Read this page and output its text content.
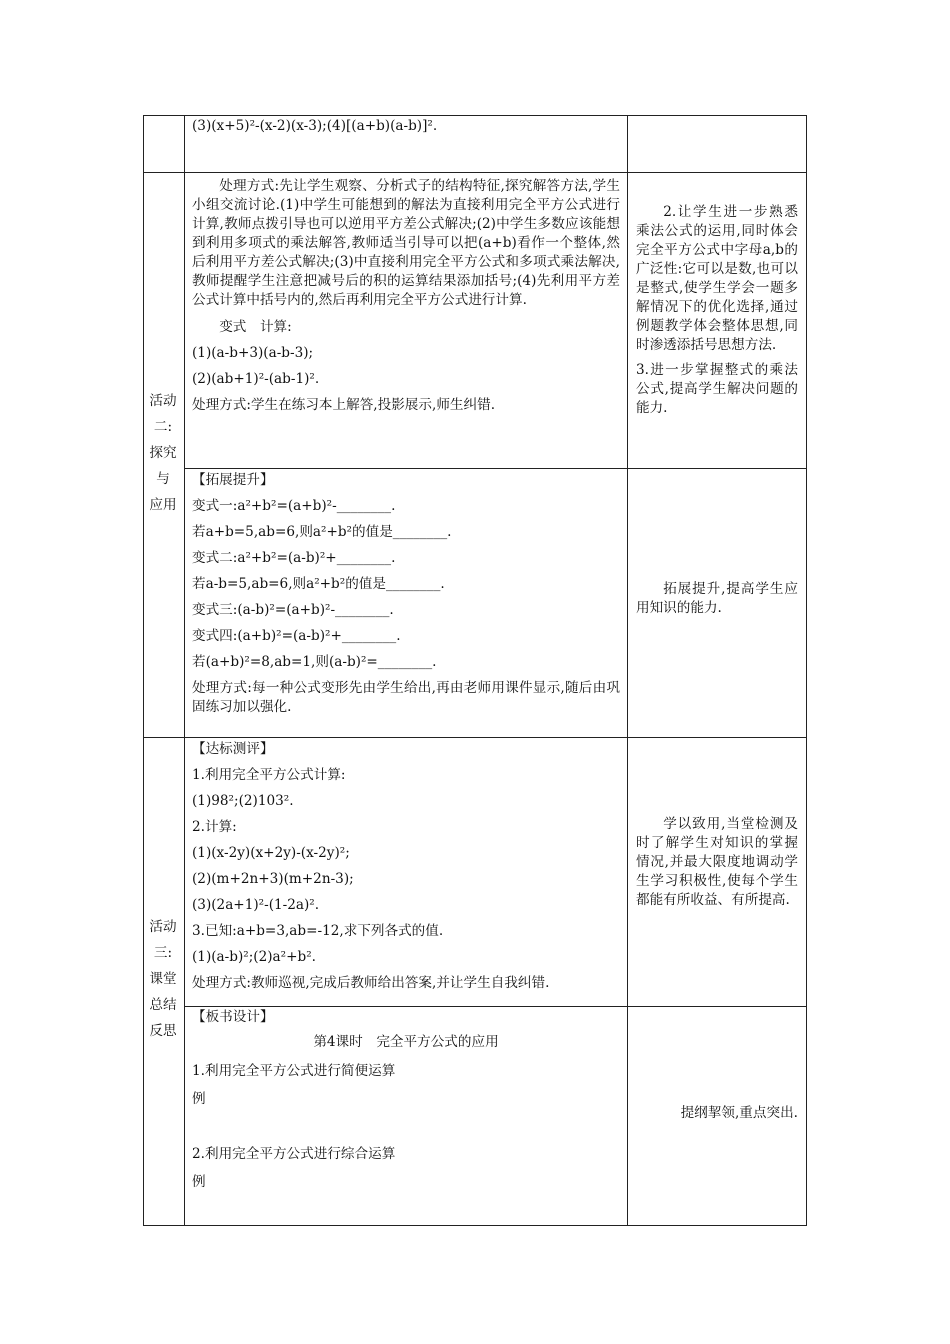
(3)(x+5)²-(x-2)(x-3);(4)[(a+b)(a-b)]².

活动
二:
探究
与
应用

处理方式:先让学生观察、分析式子的结构特征,探究解答方法,学生小组交流讨论.(1)中学生可能想到的解法为直接利用完全平方公式进行计算,教师点拨引导也可以逆用平方差公式解决;(2)中学生多数应该能想到利用多项式的乘法解答,教师适当引导可以把(a+b)看作一个整体,然后利用平方差公式解决;(3)中直接利用完全平方公式和多项式乘法解决,教师提醒学生注意把减号后的积的运算结果添加括号;(4)先利用平方差公式计算中括号内的,然后再利用完全平方公式进行计算.

变式　计算:

(1)(a-b+3)(a-b-3);

(2)(ab+1)²-(ab-1)².

处理方式:学生在练习本上解答,投影展示,师生纠错.

2.让学生进一步熟悉乘法公式的运用,同时体会完全平方公式中字母a,b的广泛性:它可以是数,也可以是整式,使学生学会一题多解情况下的优化选择,通过例题教学体会整体思想,同时渗透添括号思想方法.

3.进一步掌握整式的乘法公式,提高学生解决问题的能力.

【拓展提升】

变式一:a²+b²=(a+b)²-________.

若a+b=5,ab=6,则a²+b²的值是________.

变式二:a²+b²=(a-b)²+________.

若a-b=5,ab=6,则a²+b²的值是________.

变式三:(a-b)²=(a+b)²-________.

变式四:(a+b)²=(a-b)²+________.

若(a+b)²=8,ab=1,则(a-b)²=________.

处理方式:每一种公式变形先由学生给出,再由老师用课件显示,随后由巩固练习加以强化.

拓展提升,提高学生应用知识的能力.

【达标测评】

1.利用完全平方公式计算:

(1)98²;(2)103².

2.计算:

(1)(x-2y)(x+2y)-(x-2y)²;

(2)(m+2n+3)(m+2n-3);

(3)(2a+1)²-(1-2a)².

3.已知:a+b=3,ab=-12,求下列各式的值.

(1)(a-b)²;(2)a²+b².

处理方式:教师巡视,完成后教师给出答案,并让学生自我纠错.

学以致用,当堂检测及时了解学生对知识的掌握情况,并最大限度地调动学生学习积极性,使每个学生都能有所收益、有所提高.

活动
三:
课堂
总结
反思

【板书设计】

第4课时　完全平方公式的应用

1.利用完全平方公式进行简便运算

例

2.利用完全平方公式进行综合运算

例

提纲挈领,重点突出.
